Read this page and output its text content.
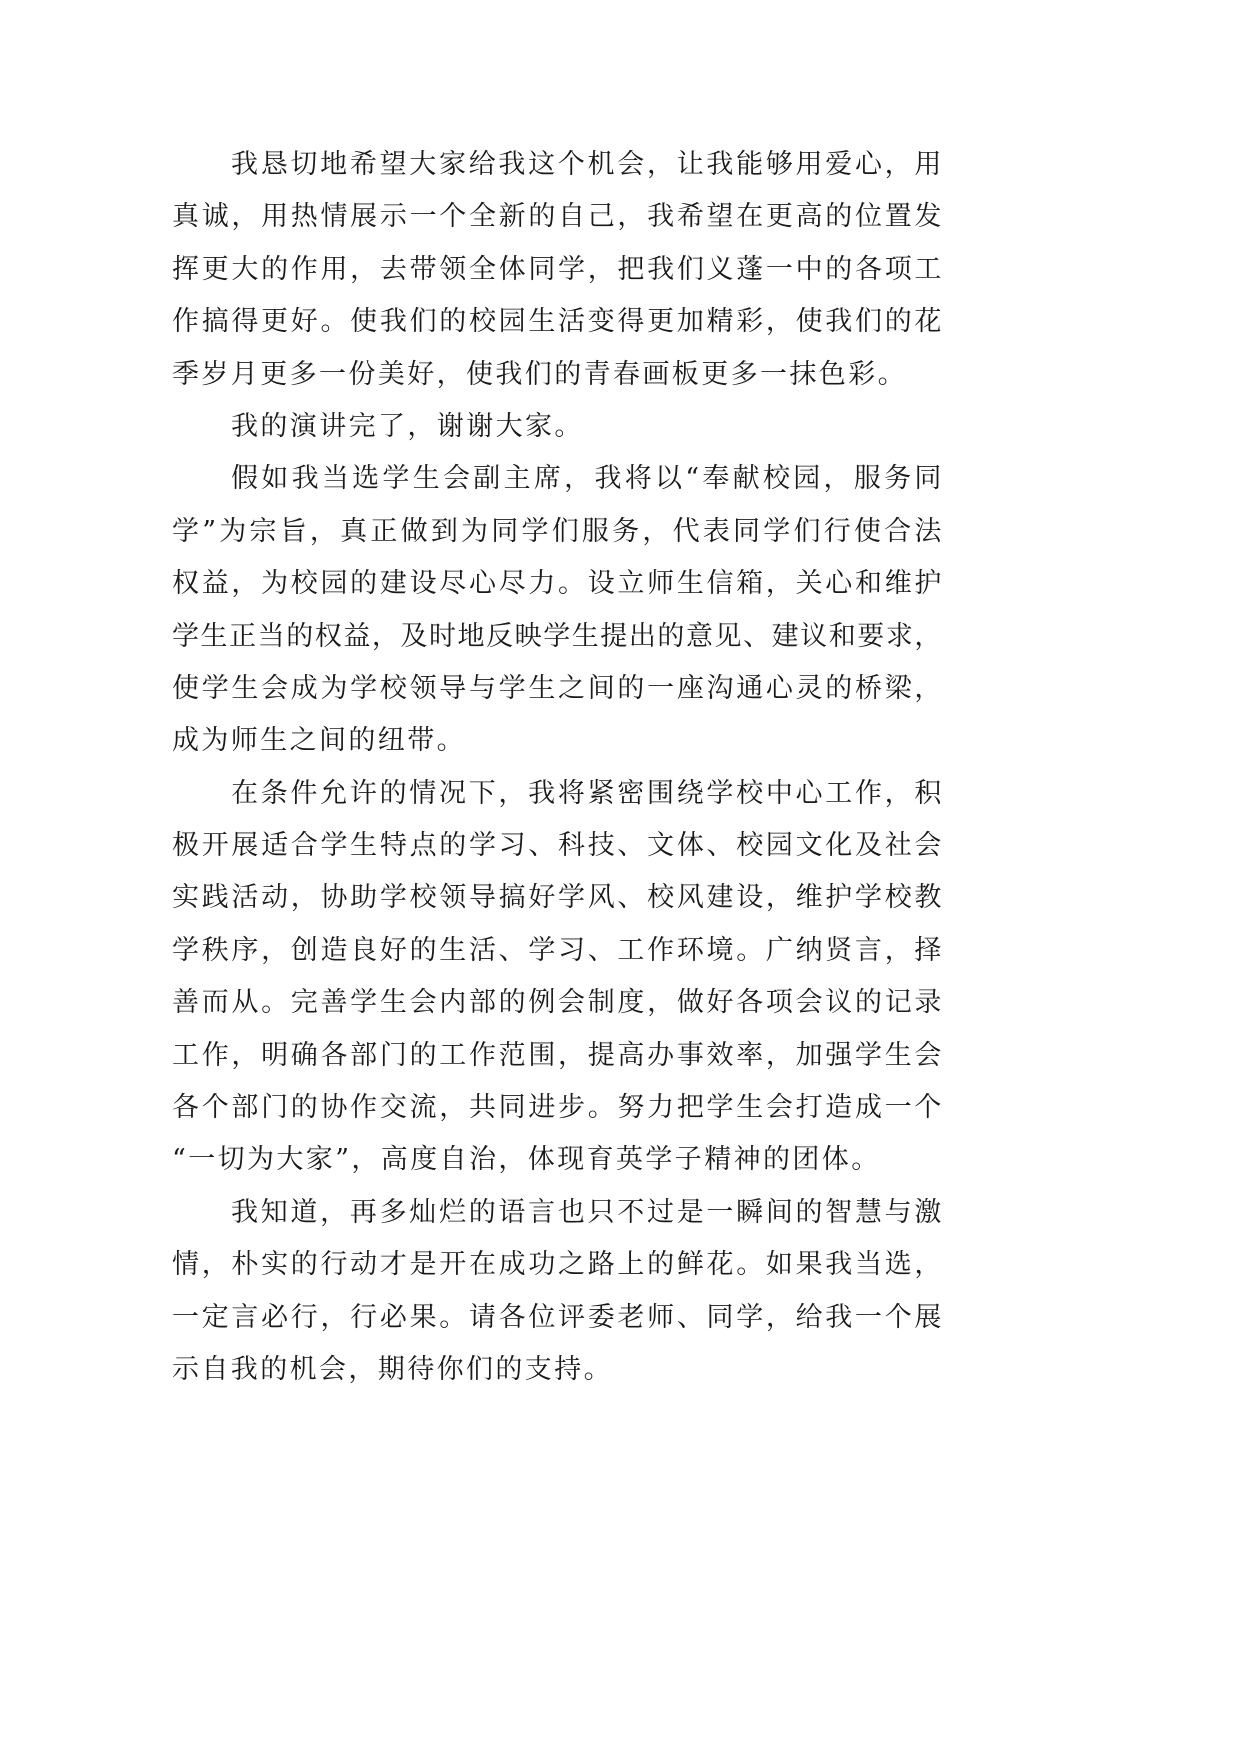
我恳切地希望大家给我这个机会，让我能够用爱心，用
真诚，用热情展示一个全新的自己，我希望在更高的位置发
挥更大的作用，去带领全体同学，把我们义蓬一中的各项工
作搞得更好。使我们的校园生活变得更加精彩，使我们的花
季岁月更多一份美好，使我们的青春画板更多一抹色彩。
我的演讲完了，谢谢大家。
假如我当选学生会副主席，我将以“奉献校园，服务同
学”为宗旨，真正做到为同学们服务，代表同学们行使合法
权益，为校园的建设尽心尽力。设立师生信箱，关心和维护
学生正当的权益，及时地反映学生提出的意见、建议和要求，
使学生会成为学校领导与学生之间的一座沟通心灵的桥梁，
成为师生之间的纽带。
在条件允许的情况下，我将紧密围绕学校中心工作，积
极开展适合学生特点的学习、科技、文体、校园文化及社会
实践活动，协助学校领导搞好学风、校风建设，维护学校教
学秩序，创造良好的生活、学习、工作环境。广纳贤言，择
善而从。完善学生会内部的例会制度，做好各项会议的记录
工作，明确各部门的工作范围，提高办事效率，加强学生会
各个部门的协作交流，共同进步。努力把学生会打造成一个
“一切为大家”，高度自治，体现育英学子精神的团体。
我知道，再多灿烂的语言也只不过是一瞬间的智慧与激
情，朴实的行动才是开在成功之路上的鲜花。如果我当选，
一定言必行，行必果。请各位评委老师、同学，给我一个展
示自我的机会，期待你们的支持。
